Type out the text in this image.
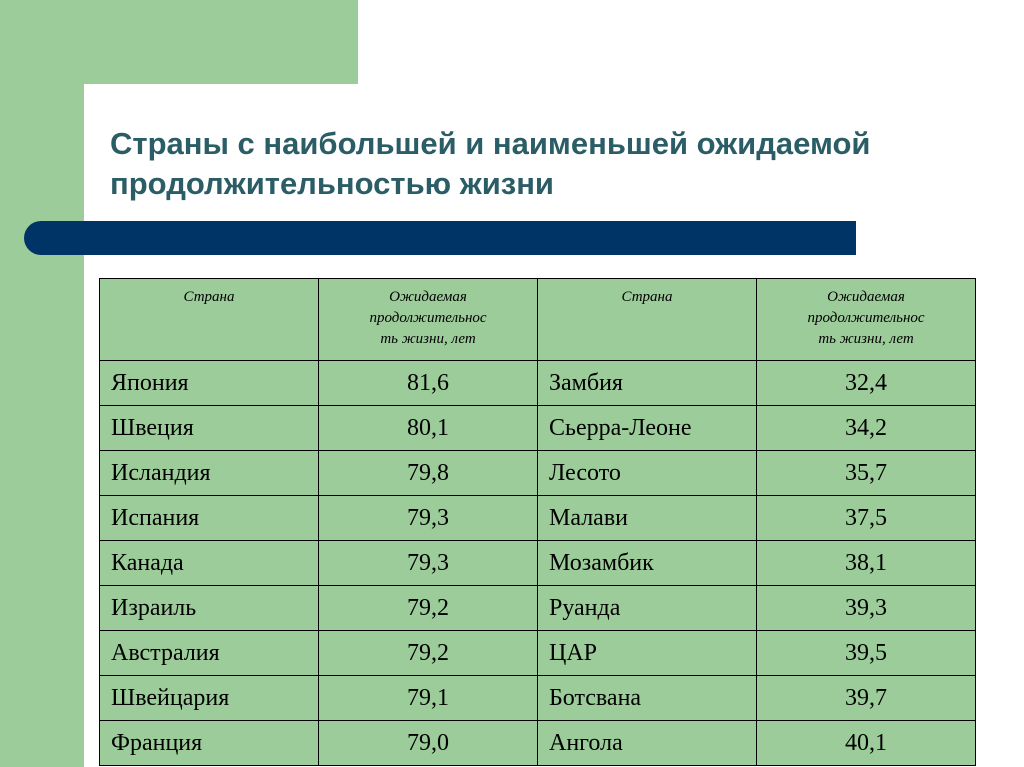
Страны с наибольшей и наименьшей ожидаемой
продолжительностью жизни
Страна	Ожидаемая
продолжительнос
ть жизни, лет	Страна	Ожидаемая
продолжительнос
ть жизни, лет
Япония	81,6	Замбия	32,4
Швеция	80,1	Сьерра-Леоне	34,2
Исландия	79,8	Лесото	35,7
Испания	79,3	Малави	37,5
Канада	79,3	Мозамбик	38,1
Израиль	79,2	Руанда	39,3
Австралия	79,2	ЦАР	39,5
Швейцария	79,1	Ботсвана	39,7
Франция	79,0	Ангола	40,1
